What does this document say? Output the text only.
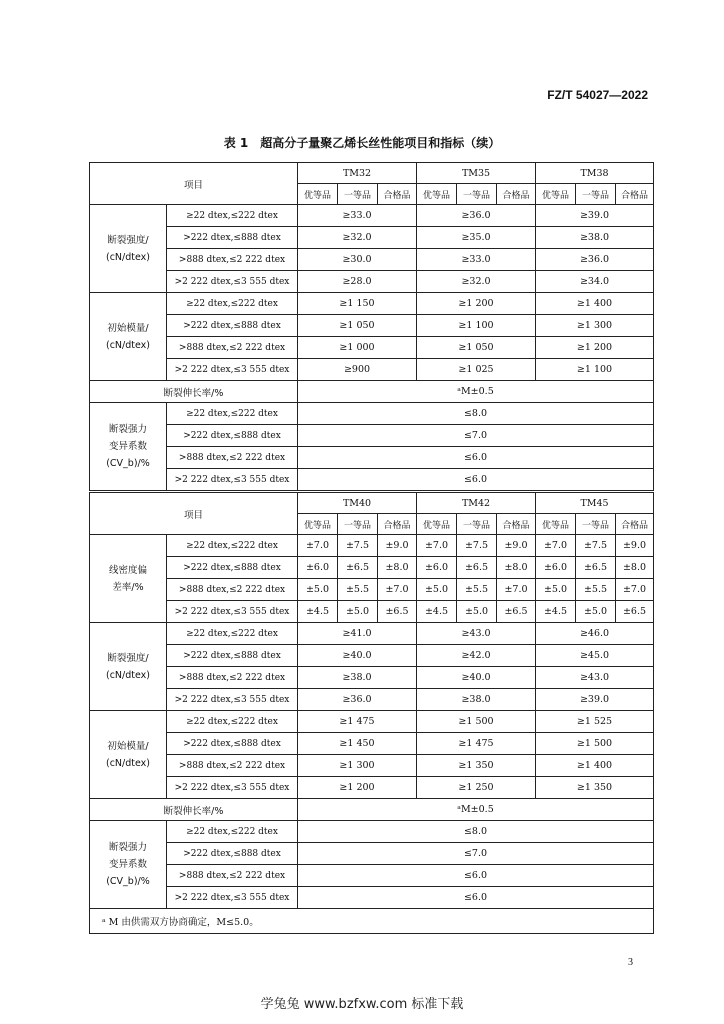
FZ/T 54027—2022
表 1　超高分子量聚乙烯长丝性能项目和指标（续）
项目		TM32			TM35			TM38		
		优等品	一等品	合格品	优等品	一等品	合格品	优等品	一等品	合格品

断裂强度/
(cN/dtex)	≥22 dtex,≤222 dtex	≥33.0			≥36.0			≥39.0		
	>222 dtex,≤888 dtex	≥32.0			≥35.0			≥38.0		
	>888 dtex,≤2 222 dtex	≥30.0			≥33.0			≥36.0		
	>2 222 dtex,≤3 555 dtex	≥28.0			≥32.0			≥34.0		

初始模量/
(cN/dtex)	≥22 dtex,≤222 dtex	≥1 150			≥1 200			≥1 400		
	>222 dtex,≤888 dtex	≥1 050			≥1 100			≥1 300		
	>888 dtex,≤2 222 dtex	≥1 000			≥1 050			≥1 200		
	>2 222 dtex,≤3 555 dtex	≥900			≥1 025			≥1 100		
断裂伸长率/%		ᵃM±0.5								

断裂强力
变异系数
(CV_b)/%	≥22 dtex,≤222 dtex	≤8.0								
	>222 dtex,≤888 dtex	≤7.0								
	>888 dtex,≤2 222 dtex	≤6.0								
	>2 222 dtex,≤3 555 dtex	≤6.0								
项目		TM40			TM42			TM45		
		优等品	一等品	合格品	优等品	一等品	合格品	优等品	一等品	合格品

线密度偏
差率/%	≥22 dtex,≤222 dtex	±7.0	±7.5	±9.0	±7.0	±7.5	±9.0	±7.0	±7.5	±9.0
	>222 dtex,≤888 dtex	±6.0	±6.5	±8.0	±6.0	±6.5	±8.0	±6.0	±6.5	±8.0
	>888 dtex,≤2 222 dtex	±5.0	±5.5	±7.0	±5.0	±5.5	±7.0	±5.0	±5.5	±7.0
	>2 222 dtex,≤3 555 dtex	±4.5	±5.0	±6.5	±4.5	±5.0	±6.5	±4.5	±5.0	±6.5

断裂强度/
(cN/dtex)	≥22 dtex,≤222 dtex	≥41.0			≥43.0			≥46.0		
	>222 dtex,≤888 dtex	≥40.0			≥42.0			≥45.0		
	>888 dtex,≤2 222 dtex	≥38.0			≥40.0			≥43.0		
	>2 222 dtex,≤3 555 dtex	≥36.0			≥38.0			≥39.0		

初始模量/
(cN/dtex)	≥22 dtex,≤222 dtex	≥1 475			≥1 500			≥1 525		
	>222 dtex,≤888 dtex	≥1 450			≥1 475			≥1 500		
	>888 dtex,≤2 222 dtex	≥1 300			≥1 350			≥1 400		
	>2 222 dtex,≤3 555 dtex	≥1 200			≥1 250			≥1 350		
断裂伸长率/%		ᵃM±0.5								

断裂强力
变异系数
(CV_b)/%	≥22 dtex,≤222 dtex	≤8.0								
	>222 dtex,≤888 dtex	≤7.0								
	>888 dtex,≤2 222 dtex	≤6.0								
	>2 222 dtex,≤3 555 dtex	≤6.0								
ᵃ M 由供需双方协商确定，M≤5.0。										
3
学兔兔 www.bzfxw.com 标准下载
